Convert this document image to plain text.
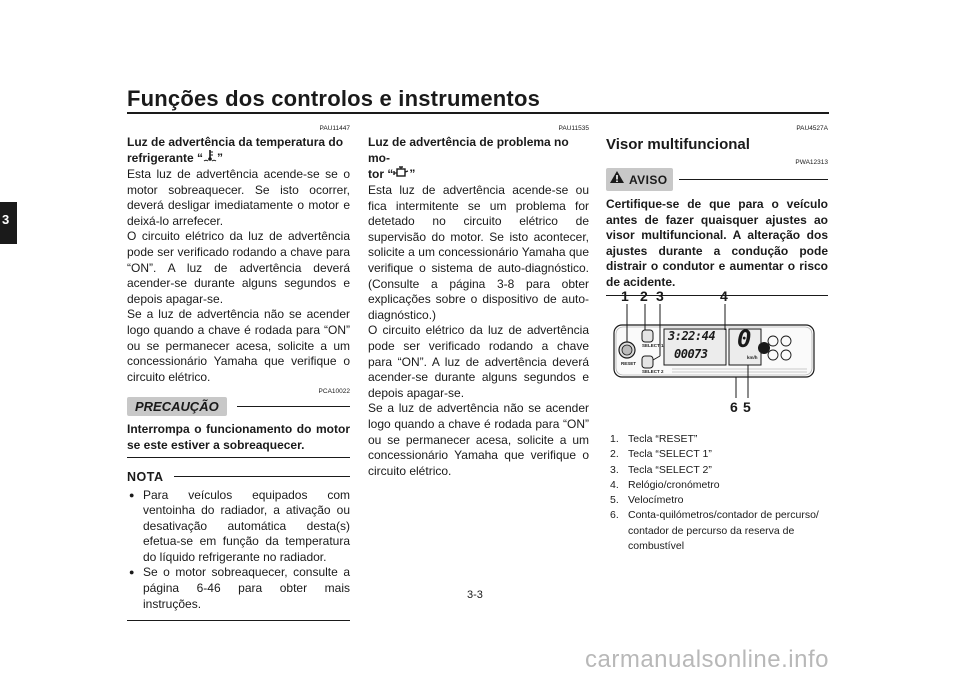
Funções dos controlos e instrumentos
3
PAU11447
Luz de advertência da temperatura do
refrigerante “ ”
Esta luz de advertência acende-se se o motor sobreaquecer. Se isto ocorrer, deverá desligar imediatamente o motor e deixá-lo arrefecer.
O circuito elétrico da luz de advertência pode ser verificado rodando a chave para “ON”. A luz de advertência deverá acender-se durante alguns segundos e depois apagar-se.
Se a luz de advertência não se acender logo quando a chave é rodada para “ON” ou se permanecer acesa, solicite a um concessionário Yamaha que verifique o circuito elétrico.
PCA10022
PRECAUÇÃO
Interrompa o funcionamento do motor se este estiver a sobreaquecer.
NOTA
● Para veículos equipados com ventoinha do radiador, a ativação ou desativação automática desta(s) efetua-se em função da temperatura do líquido refrigerante no radiador.
● Se o motor sobreaquecer, consulte a página 6-46 para obter mais instruções.
PAU11535
Luz de advertência de problema no mo-
tor “ ”
Esta luz de advertência acende-se ou fica intermitente se um problema for detetado no circuito elétrico de supervisão do motor. Se isto acontecer, solicite a um concessionário Yamaha que verifique o sistema de auto-diagnóstico. (Consulte a página 3-8 para obter explicações sobre o dispositivo de auto-diagnóstico.)
O circuito elétrico da luz de advertência pode ser verificado rodando a chave para “ON”. A luz de advertência deverá acender-se durante alguns segundos e depois apagar-se.
Se a luz de advertência não se acender logo quando a chave é rodada para “ON” ou se permanecer acesa, solicite a um concessionário Yamaha que verifique o circuito elétrico.
PAU4527A
Visor multifuncional
PWA12313
AVISO
Certifique-se de que para o veículo antes de fazer quaisquer ajustes ao visor multifuncional. A alteração dos ajustes durante a condução pode distrair o condutor e aumentar o risco de acidente.
1 2 3	4
6 5
3:22:44
00073
0
km/h
RESET
SELECT 1
SELECT 2
1. Tecla “RESET”
2. Tecla “SELECT 1”
3. Tecla “SELECT 2”
4. Relógio/cronómetro
5. Velocímetro
6. Conta-quilómetros/contador de percurso/ contador de percurso da reserva de combustível
3-3
carmanualsonline.info
